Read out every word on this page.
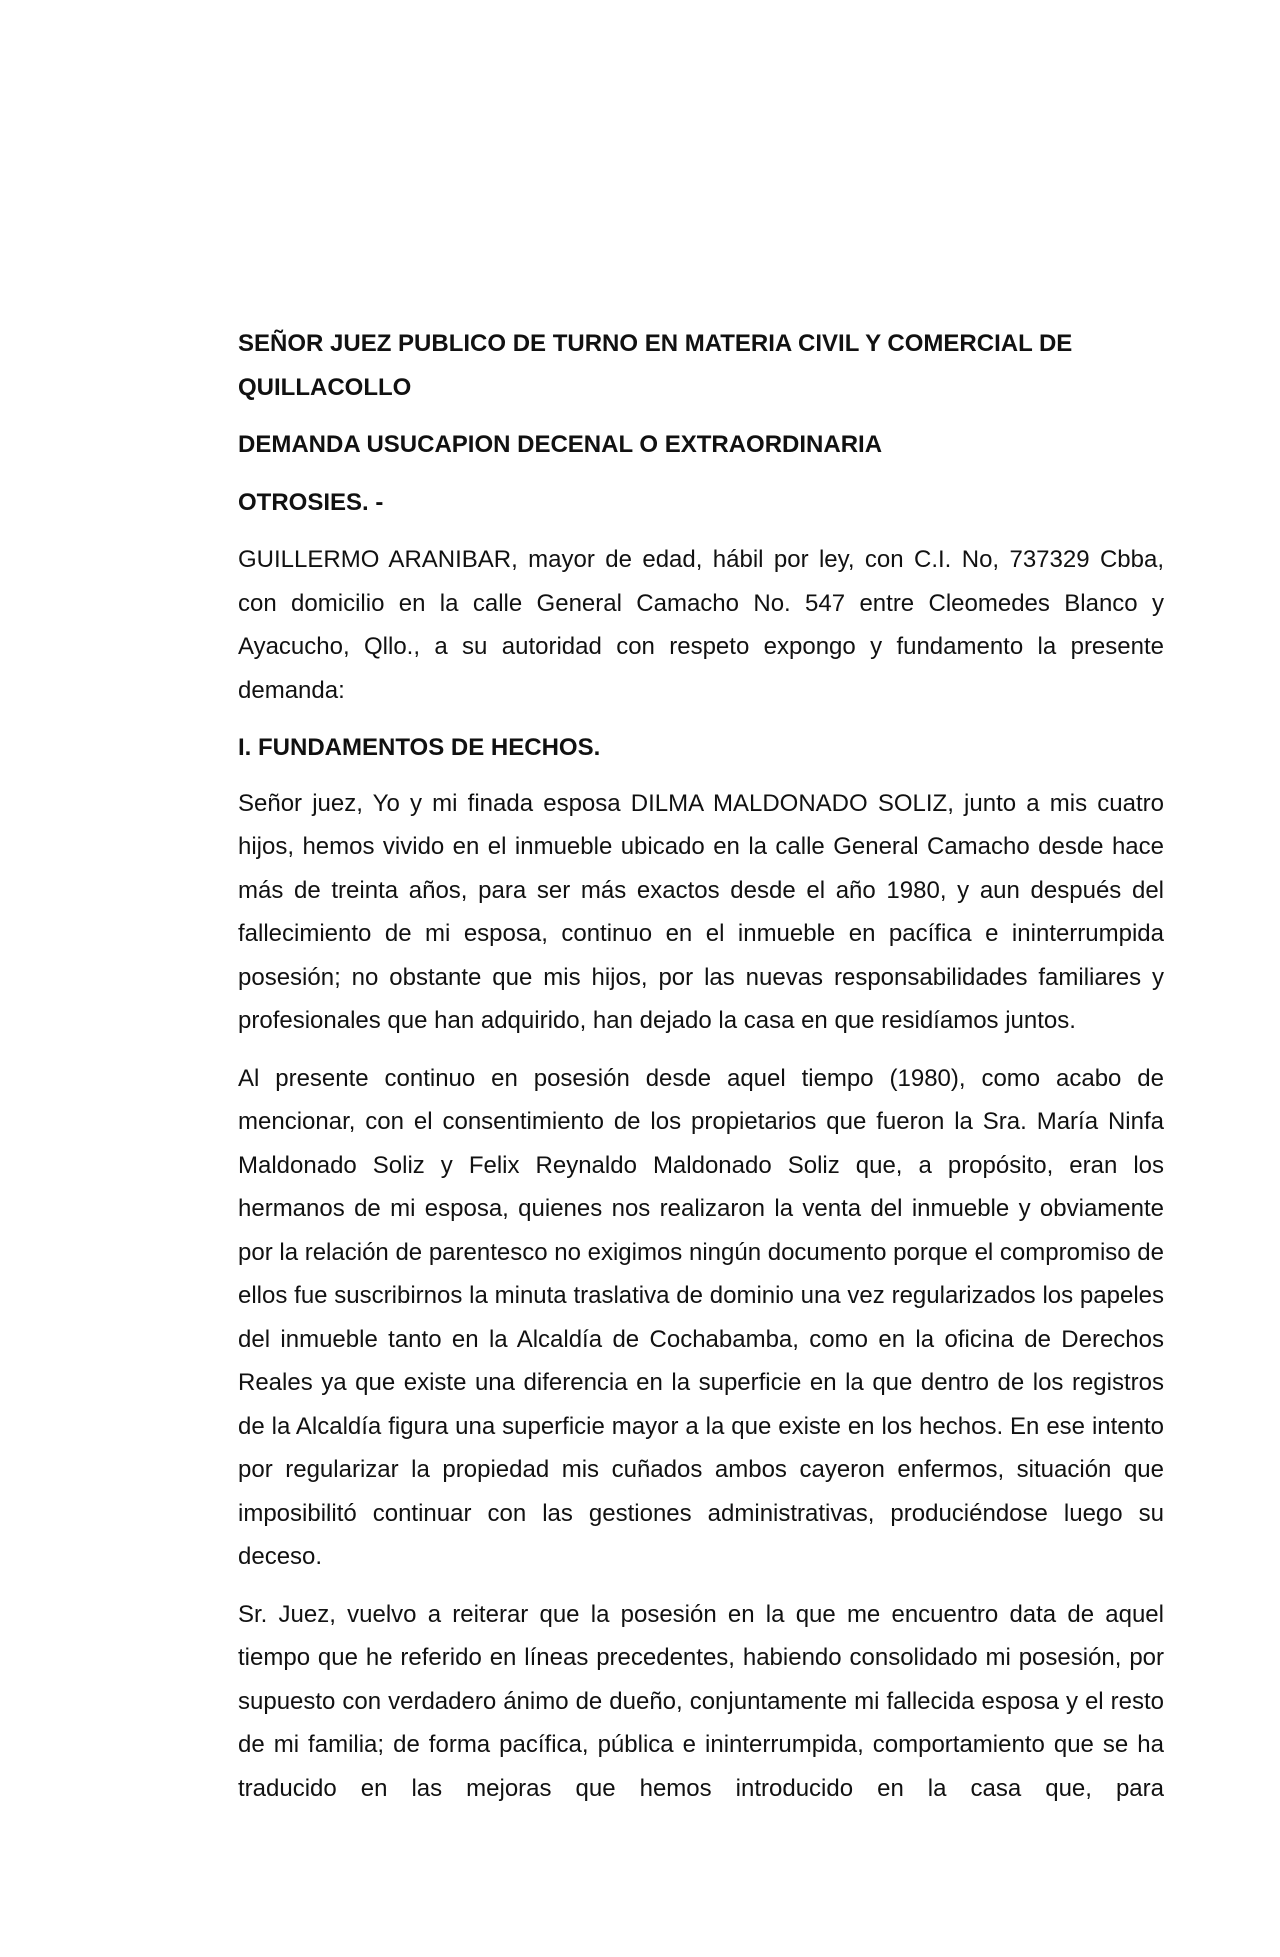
SEÑOR JUEZ PUBLICO DE TURNO EN MATERIA CIVIL Y COMERCIAL DE QUILLACOLLO
DEMANDA USUCAPION DECENAL O EXTRAORDINARIA
OTROSIES. -

GUILLERMO ARANIBAR, mayor de edad, hábil por ley, con C.I. No, 737329 Cbba, con domicilio en la calle General Camacho No. 547 entre Cleomedes Blanco y Ayacucho, Qllo., a su autoridad con respeto expongo y fundamento la presente demanda:

I. FUNDAMENTOS DE HECHOS.

Señor juez, Yo y mi finada esposa DILMA MALDONADO SOLIZ, junto a mis cuatro hijos, hemos vivido en el inmueble ubicado en la calle General Camacho desde hace más de treinta años, para ser más exactos desde el año 1980, y aun después del fallecimiento de mi esposa, continuo en el inmueble en pacífica e ininterrumpida posesión; no obstante que mis hijos, por las nuevas responsabilidades familiares y profesionales que han adquirido, han dejado la casa en que residíamos juntos.

Al presente continuo en posesión desde aquel tiempo (1980), como acabo de mencionar, con el consentimiento de los propietarios que fueron la Sra. María Ninfa Maldonado Soliz y Felix Reynaldo Maldonado Soliz que, a propósito, eran los hermanos de mi esposa, quienes nos realizaron la venta del inmueble y obviamente por la relación de parentesco no exigimos ningún documento porque el compromiso de ellos fue suscribirnos la minuta traslativa de dominio una vez regularizados los papeles del inmueble tanto en la Alcaldía de Cochabamba, como en la oficina de Derechos Reales ya que existe una diferencia en la superficie en la que dentro de los registros de la Alcaldía figura una superficie mayor a la que existe en los hechos. En ese intento por regularizar la propiedad mis cuñados ambos cayeron enfermos, situación que imposibilitó continuar con las gestiones administrativas, produciéndose luego su deceso.

Sr. Juez, vuelvo a reiterar que la posesión en la que me encuentro data de aquel tiempo que he referido en líneas precedentes, habiendo consolidado mi posesión, por supuesto con verdadero ánimo de dueño, conjuntamente mi fallecida esposa y el resto de mi familia; de forma pacífica, pública e ininterrumpida, comportamiento que se ha traducido en las mejoras que hemos introducido en la casa que, para
